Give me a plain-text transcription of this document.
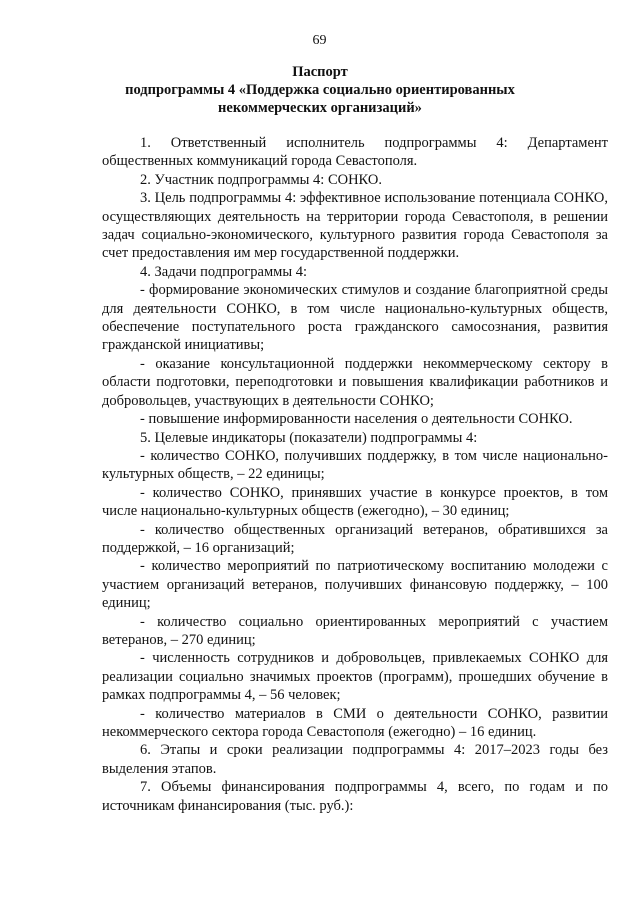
69
Паспорт
подпрограммы 4 «Поддержка социально ориентированных
некоммерческих организаций»

1. Ответственный исполнитель подпрограммы 4: Департамент общественных коммуникаций города Севастополя.

2. Участник подпрограммы 4: СОНКО.

3. Цель подпрограммы 4: эффективное использование потенциала СОНКО, осуществляющих деятельность на территории города Севастополя, в решении задач социально-экономического, культурного развития города Севастополя за счет предоставления им мер государственной поддержки.

4. Задачи подпрограммы 4:

- формирование экономических стимулов и создание благоприятной среды для деятельности СОНКО, в том числе национально-культурных обществ, обеспечение поступательного роста гражданского самосознания, развития гражданской инициативы;

- оказание консультационной поддержки некоммерческому сектору в области подготовки, переподготовки и повышения квалификации работников и добровольцев, участвующих в деятельности СОНКО;

- повышение информированности населения о деятельности СОНКО.

5. Целевые индикаторы (показатели) подпрограммы 4:

- количество СОНКО, получивших поддержку, в том числе национально-культурных обществ, – 22 единицы;

- количество СОНКО, принявших участие в конкурсе проектов, в том числе национально-культурных обществ (ежегодно), – 30 единиц;

- количество общественных организаций ветеранов, обратившихся за поддержкой, – 16 организаций;

- количество мероприятий по патриотическому воспитанию молодежи с участием организаций ветеранов, получивших финансовую поддержку, – 100 единиц;

- количество социально ориентированных мероприятий с участием ветеранов, – 270 единиц;

- численность сотрудников и добровольцев, привлекаемых СОНКО для реализации социально значимых проектов (программ), прошедших обучение в рамках подпрограммы 4, – 56 человек;

- количество материалов в СМИ о деятельности СОНКО, развитии некоммерческого сектора города Севастополя (ежегодно) – 16 единиц.

6. Этапы и сроки реализации подпрограммы 4: 2017–2023 годы без выделения этапов.

7. Объемы финансирования подпрограммы 4, всего, по годам и по источникам финансирования (тыс. руб.):
